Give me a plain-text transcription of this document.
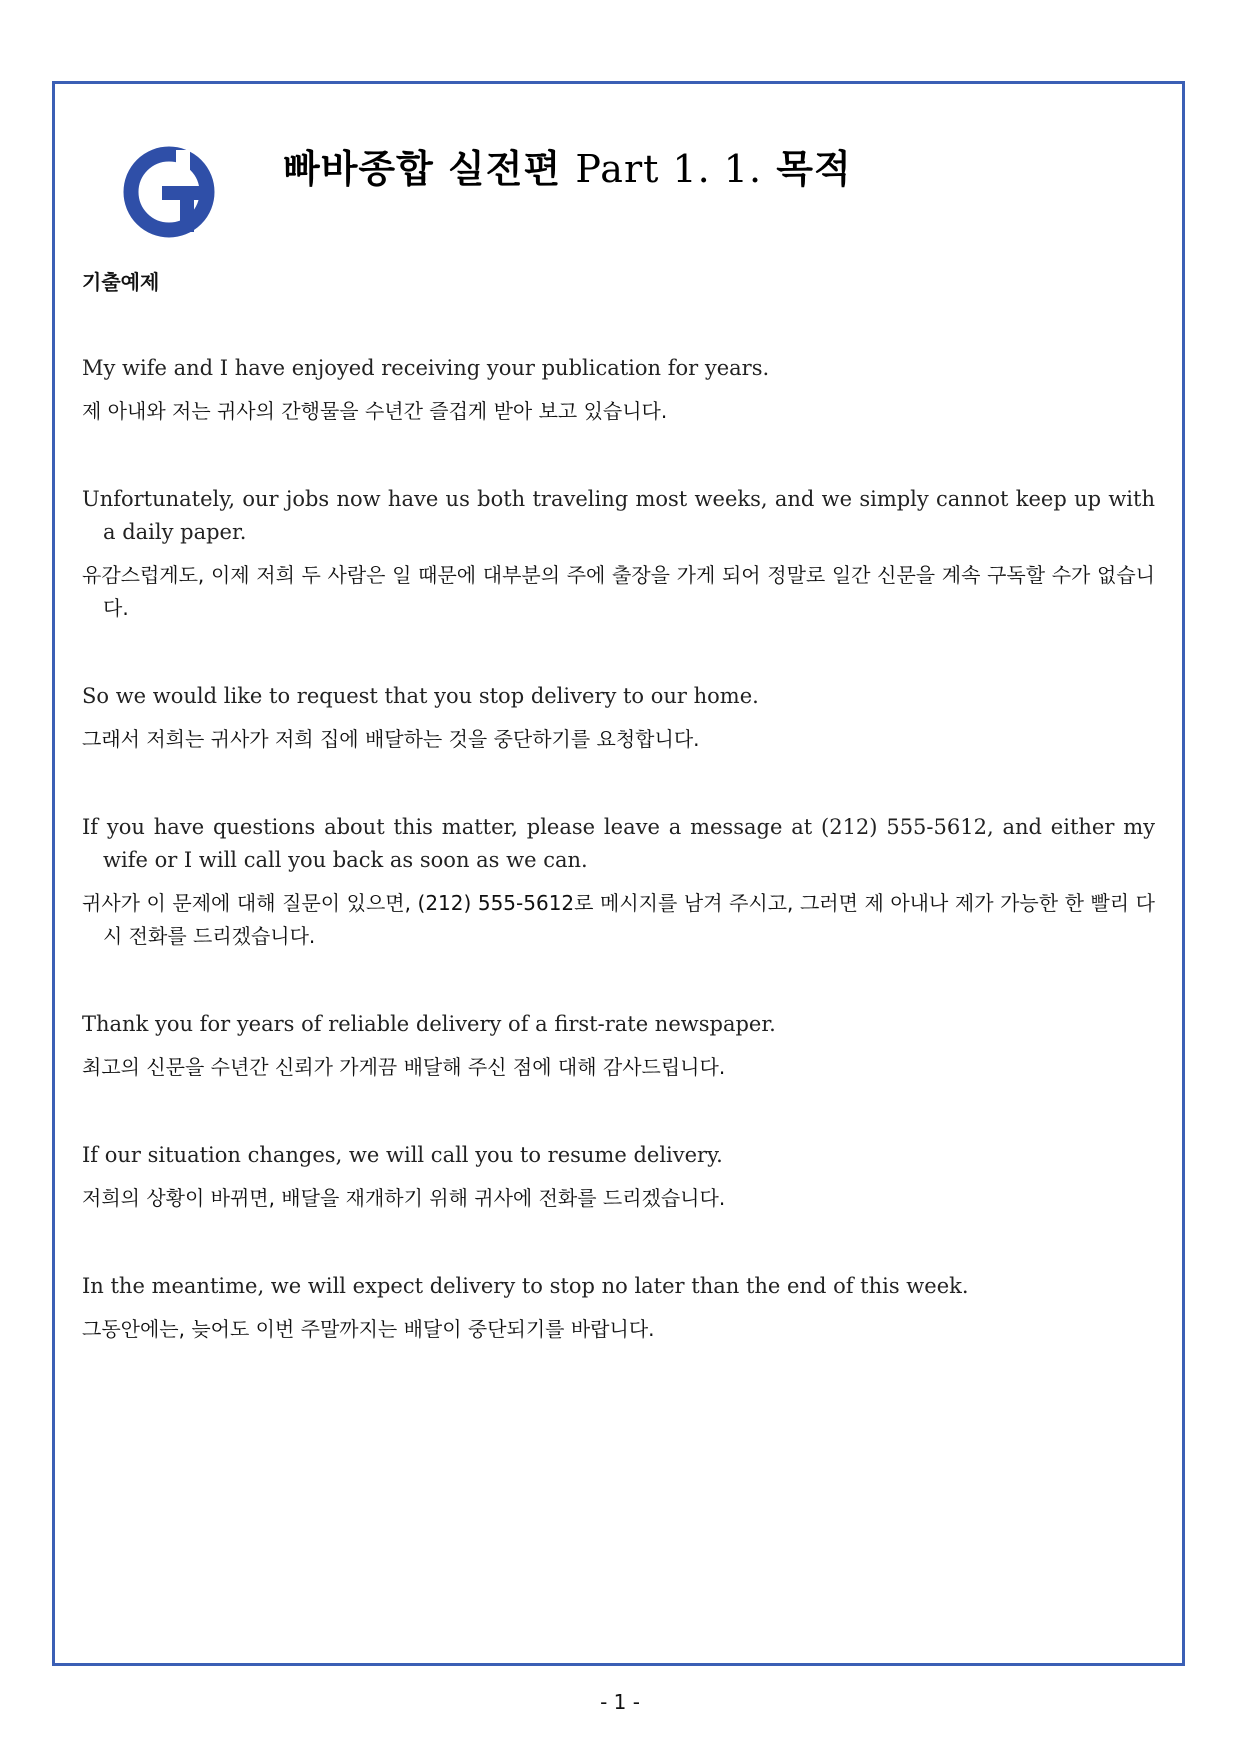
빠바종합 실전편 Part 1. 1. 목적

기출예제

My wife and I have enjoyed receiving your publication for years.

제 아내와 저는 귀사의 간행물을 수년간 즐겁게 받아 보고 있습니다.

Unfortunately, our jobs now have us both traveling most weeks, and we simply cannot keep up with a daily paper.

유감스럽게도, 이제 저희 두 사람은 일 때문에 대부분의 주에 출장을 가게 되어 정말로 일간 신문을 계속 구독할 수가 없습니다.

So we would like to request that you stop delivery to our home.

그래서 저희는 귀사가 저희 집에 배달하는 것을 중단하기를 요청합니다.

If you have questions about this matter, please leave a message at (212) 555-5612, and either my wife or I will call you back as soon as we can.

귀사가 이 문제에 대해 질문이 있으면, (212) 555-5612로 메시지를 남겨 주시고, 그러면 제 아내나 제가 가능한 한 빨리 다시 전화를 드리겠습니다.

Thank you for years of reliable delivery of a first-rate newspaper.

최고의 신문을 수년간 신뢰가 가게끔 배달해 주신 점에 대해 감사드립니다.

If our situation changes, we will call you to resume delivery.

저희의 상황이 바뀌면, 배달을 재개하기 위해 귀사에 전화를 드리겠습니다.

In the meantime, we will expect delivery to stop no later than the end of this week.

그동안에는, 늦어도 이번 주말까지는 배달이 중단되기를 바랍니다.

- 1 -
